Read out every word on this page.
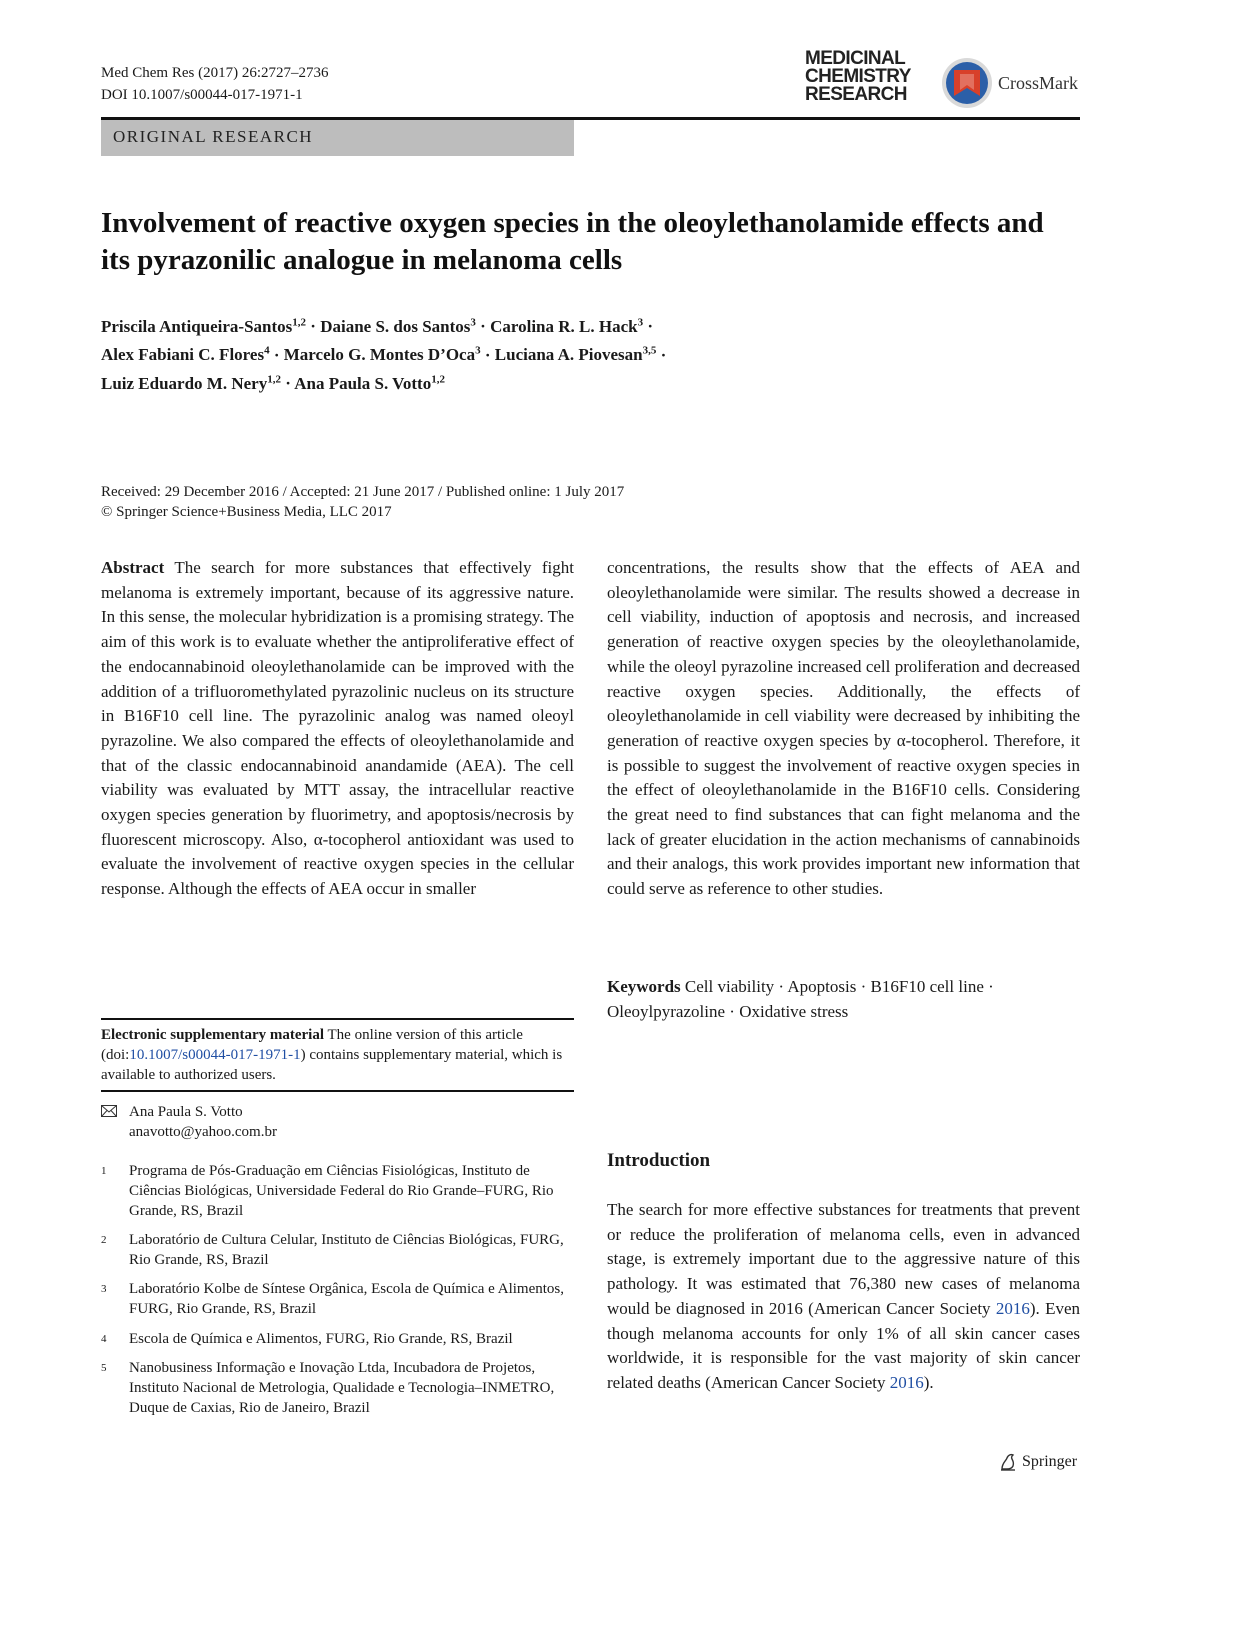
Med Chem Res (2017) 26:2727–2736
DOI 10.1007/s00044-017-1971-1
MEDICINAL
CHEMISTRY
RESEARCH
CrossMark
ORIGINAL RESEARCH
Involvement of reactive oxygen species in the oleoylethanolamide effects and its pyrazonilic analogue in melanoma cells
Priscila Antiqueira-Santos$^{1,2}$ · Daiane S. dos Santos$^3$ · Carolina R. L. Hack$^3$ ·
Alex Fabiani C. Flores$^4$ · Marcelo G. Montes D’Oca$^3$ · Luciana A. Piovesan$^{3,5}$ ·
Luiz Eduardo M. Nery$^{1,2}$ · Ana Paula S. Votto$^{1,2}$
Received: 29 December 2016 / Accepted: 21 June 2017 / Published online: 1 July 2017
© Springer Science+Business Media, LLC 2017
Abstract The search for more substances that effectively fight melanoma is extremely important, because of its aggressive nature. In this sense, the molecular hybridization is a promising strategy. The aim of this work is to evaluate whether the antiproliferative effect of the endocannabinoid oleoylethanolamide can be improved with the addition of a trifluoromethylated pyrazolinic nucleus on its structure in B16F10 cell line. The pyrazolinic analog was named oleoyl pyrazoline. We also compared the effects of oleoylethanolamide and that of the classic endocannabinoid anandamide (AEA). The cell viability was evaluated by MTT assay, the intracellular reactive oxygen species generation by fluorimetry, and apoptosis/necrosis by fluorescent microscopy. Also, α-tocopherol antioxidant was used to evaluate the involvement of reactive oxygen species in the cellular response. Although the effects of AEA occur in smaller
concentrations, the results show that the effects of AEA and oleoylethanolamide were similar. The results showed a decrease in cell viability, induction of apoptosis and necrosis, and increased generation of reactive oxygen species by the oleoylethanolamide, while the oleoyl pyrazoline increased cell proliferation and decreased reactive oxygen species. Additionally, the effects of oleoylethanolamide in cell viability were decreased by inhibiting the generation of reactive oxygen species by α-tocopherol. Therefore, it is possible to suggest the involvement of reactive oxygen species in the effect of oleoylethanolamide in the B16F10 cells. Considering the great need to find substances that can fight melanoma and the lack of greater elucidation in the action mechanisms of cannabinoids and their analogs, this work provides important new information that could serve as reference to other studies.
Keywords Cell viability · Apoptosis · B16F10 cell line · Oleoylpyrazoline · Oxidative stress
Electronic supplementary material The online version of this article (doi:10.1007/s00044-017-1971-1) contains supplementary material, which is available to authorized users.
Ana Paula S. Votto
anavotto@yahoo.com.br
1 Programa de Pós-Graduação em Ciências Fisiológicas, Instituto de Ciências Biológicas, Universidade Federal do Rio Grande–FURG, Rio Grande, RS, Brazil
2 Laboratório de Cultura Celular, Instituto de Ciências Biológicas, FURG, Rio Grande, RS, Brazil
3 Laboratório Kolbe de Síntese Orgânica, Escola de Química e Alimentos, FURG, Rio Grande, RS, Brazil
4 Escola de Química e Alimentos, FURG, Rio Grande, RS, Brazil
5 Nanobusiness Informação e Inovação Ltda, Incubadora de Projetos, Instituto Nacional de Metrologia, Qualidade e Tecnologia–INMETRO, Duque de Caxias, Rio de Janeiro, Brazil
Introduction
The search for more effective substances for treatments that prevent or reduce the proliferation of melanoma cells, even in advanced stage, is extremely important due to the aggressive nature of this pathology. It was estimated that 76,380 new cases of melanoma would be diagnosed in 2016 (American Cancer Society 2016). Even though melanoma accounts for only 1% of all skin cancer cases worldwide, it is responsible for the vast majority of skin cancer related deaths (American Cancer Society 2016).
Springer
